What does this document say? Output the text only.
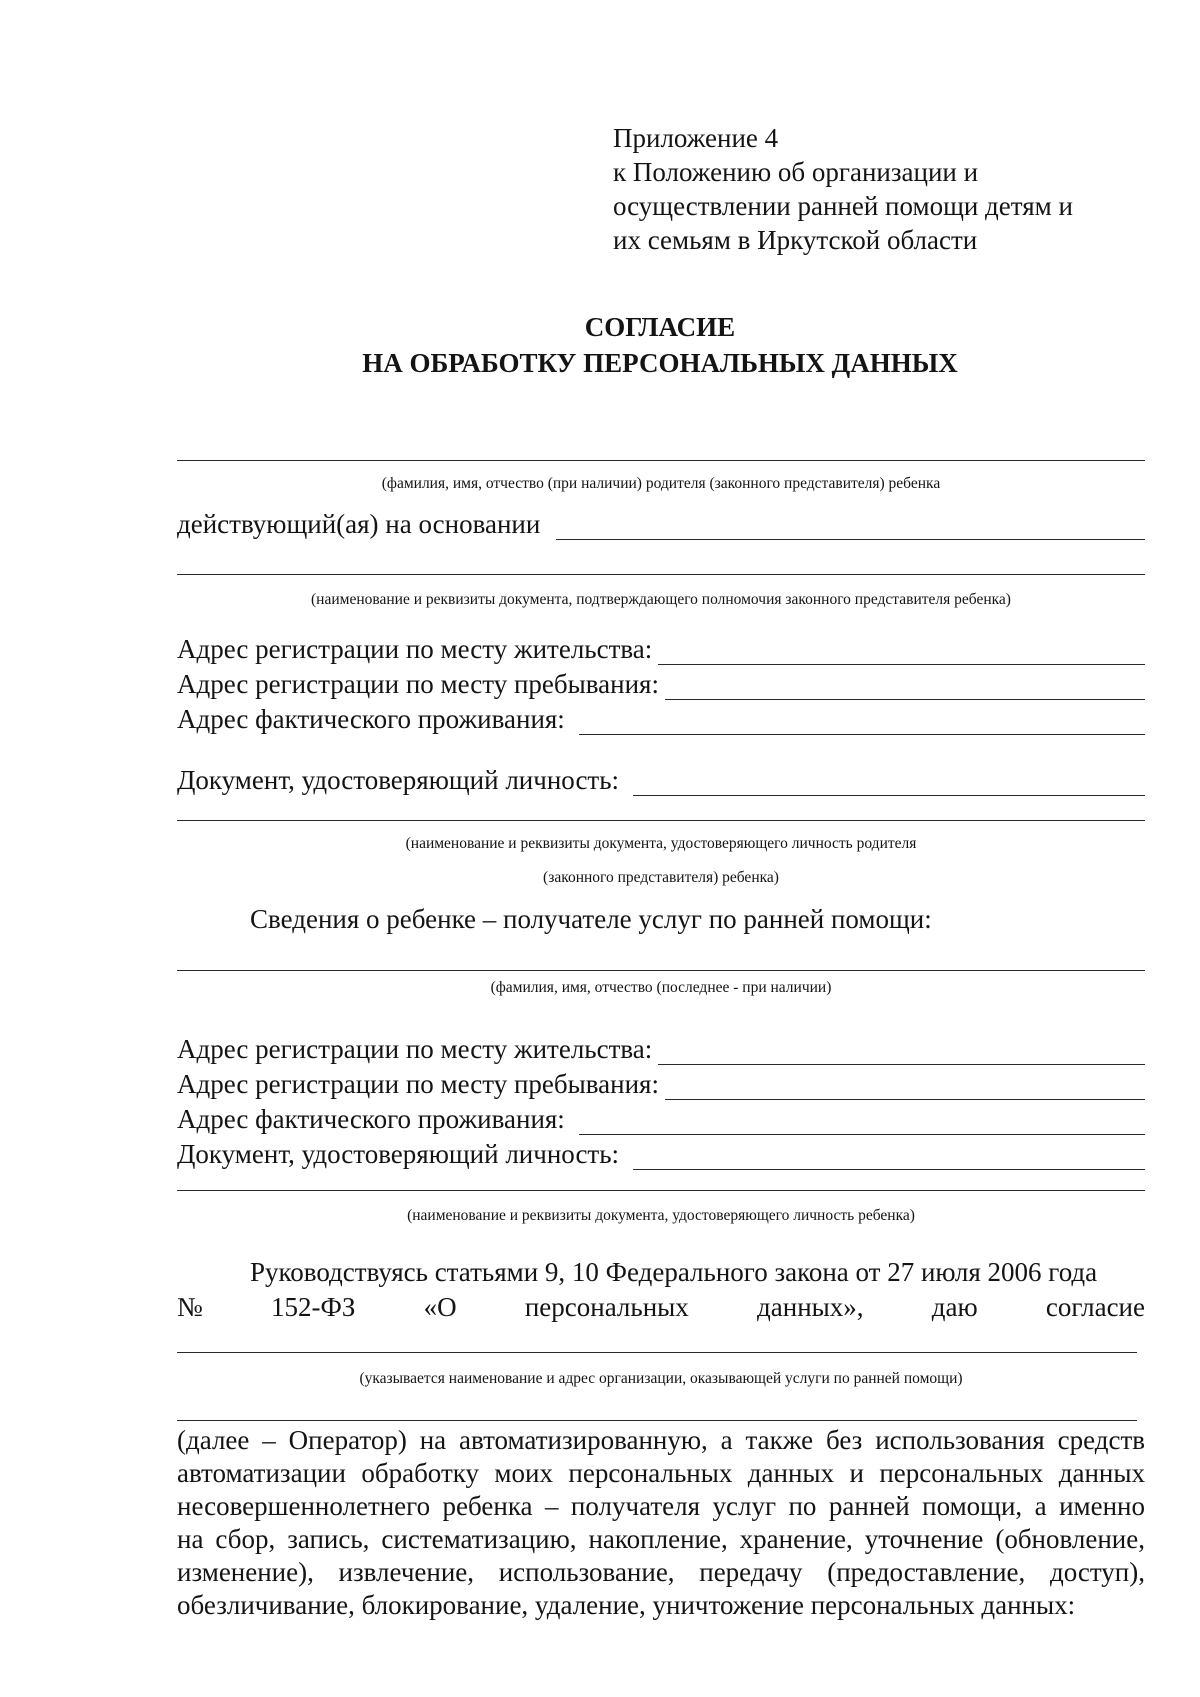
Приложение 4
к Положению об организации и
осуществлении ранней помощи детям и
их семьям в Иркутской области
СОГЛАСИЕ
НА ОБРАБОТКУ ПЕРСОНАЛЬНЫХ ДАННЫХ
(фамилия, имя, отчество (при наличии) родителя (законного представителя) ребенка
действующий(ая) на основании
(наименование и реквизиты документа, подтверждающего полномочия законного представителя ребенка)
Адрес регистрации по месту жительства:
Адрес регистрации по месту пребывания:
Адрес фактического проживания:
Документ, удостоверяющий личность:
(наименование и реквизиты документа, удостоверяющего личность родителя
(законного представителя) ребенка)
Сведения о ребенке – получателе услуг по ранней помощи:
(фамилия, имя, отчество (последнее - при наличии)
Адрес регистрации по месту жительства:
Адрес регистрации по месту пребывания:
Адрес фактического проживания:
Документ, удостоверяющий личность:
(наименование и реквизиты документа, удостоверяющего личность ребенка)
Руководствуясь статьями 9, 10 Федерального закона от 27 июля 2006 года
№	152-ФЗ	«О	персональных	данных»,	даю	согласие
(указывается наименование и адрес организации, оказывающей услуги по ранней помощи)
(далее – Оператор) на автоматизированную, а также без использования средств
автоматизации обработку моих персональных данных и персональных данных
несовершеннолетнего ребенка – получателя услуг по ранней помощи, а именно
на сбор, запись, систематизацию, накопление, хранение, уточнение (обновление,
изменение), извлечение, использование, передачу (предоставление, доступ),
обезличивание, блокирование, удаление, уничтожение персональных данных:
